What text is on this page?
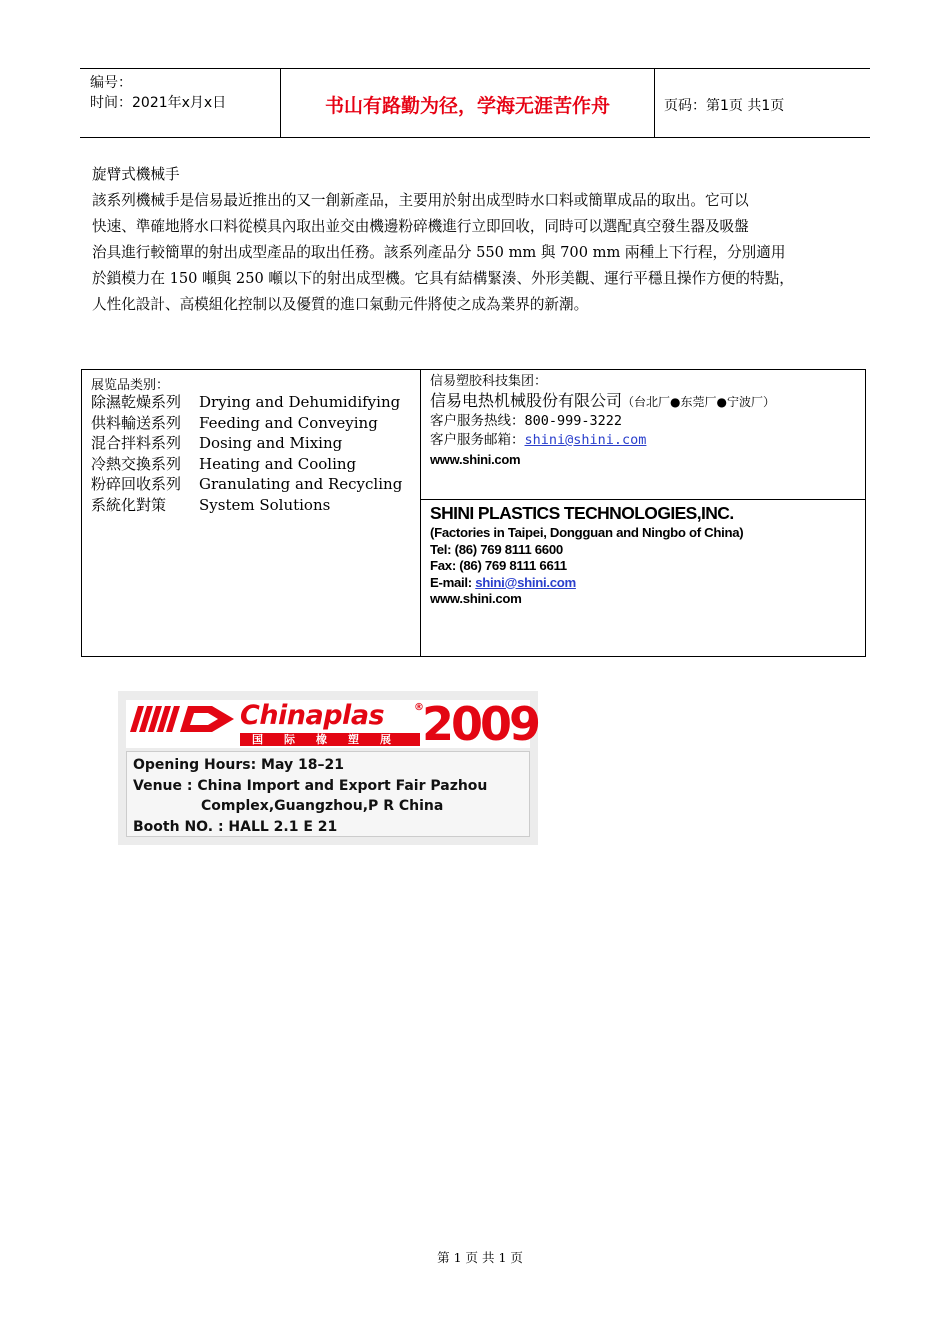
编号：
时间：2021年x月x日	书山有路勤为径，学海无涯苦作舟	页码：第1页 共1页

旋臂式機械手

該系列機械手是信易最近推出的又一創新產品，主要用於射出成型時水口料或簡單成品的取出。它可以

快速、準確地將水口料從模具內取出並交由機邊粉碎機進行立即回收，同時可以選配真空發生器及吸盤

治具進行較簡單的射出成型產品的取出任務。該系列產品分 550 mm 與 700 mm 兩種上下行程，分別適用

於鎖模力在 150 噸與 250 噸以下的射出成型機。它具有結構緊湊、外形美觀、運行平穩且操作方便的特點，

人性化設計、高模組化控制以及優質的進口氣動元件將使之成為業界的新潮。

展览品类别：
除濕乾燥系列	Drying and Dehumidifying
供料輸送系列	Feeding and Conveying
混合拌料系列	Dosing and Mixing
冷熱交換系列	Heating and Cooling
粉碎回收系列	Granulating and Recycling
系統化對策	System Solutions
信易塑胶科技集团：
信易电热机械股份有限公司（台北厂●东莞厂●宁波厂）
客户服务热线：800-999-3222
客户服务邮箱：shini@shini.com
www.shini.com
SHINI PLASTICS TECHNOLOGIES,INC.
(Factories in Taipei, Dongguan and Ningbo of China)
Tel: (86) 769 8111 6600
Fax: (86) 769 8111 6611
E-mail: shini@shini.com
www.shini.com
Chinaplas	®
2009
国际橡塑展
Opening Hours: May 18–21
Venue : China Import and Export Fair Pazhou
Complex,Guangzhou,P R China
Booth NO. : HALL 2.1 E 21
第 1 页 共 1 页
